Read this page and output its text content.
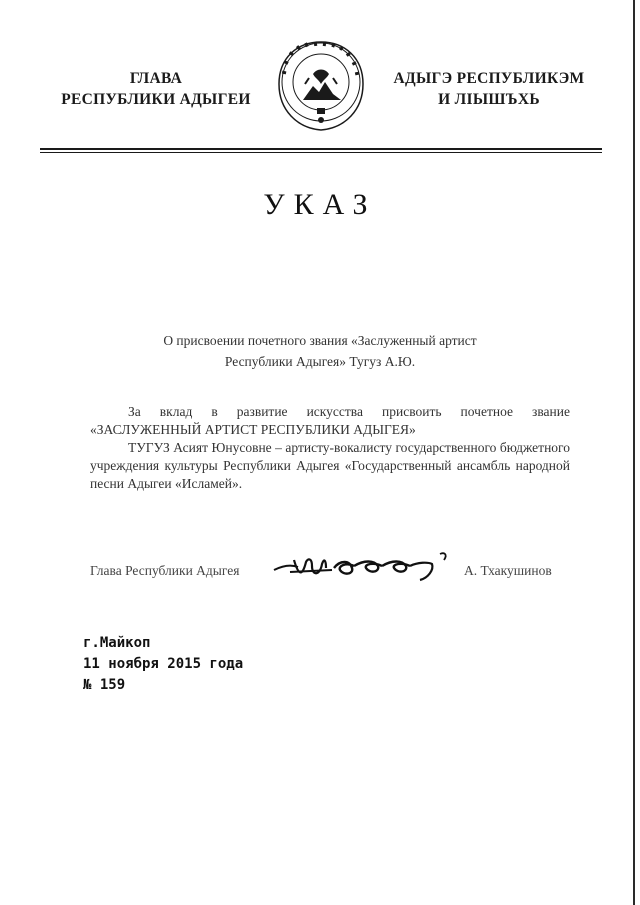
ГЛАВА
РЕСПУБЛИКИ АДЫГЕИ
АДЫГЭ РЕСПУБЛИКЭМ
И ЛІЫШЪХЬ
УКАЗ
О присвоении почетного звания «Заслуженный артист
Республики Адыгея» Тугуз А.Ю.

За вклад в развитие искусства присвоить почетное звание «ЗАСЛУЖЕННЫЙ АРТИСТ РЕСПУБЛИКИ АДЫГЕЯ»

ТУГУЗ Асият Юнусовне – артисту-вокалисту государственного бюджетного учреждения культуры Республики Адыгея «Государственный ансамбль народной песни Адыгеи «Исламей».

Глава Республики Адыгея	А. Тхакушинов
г.Майкоп
11 ноября 2015 года
№ 159
